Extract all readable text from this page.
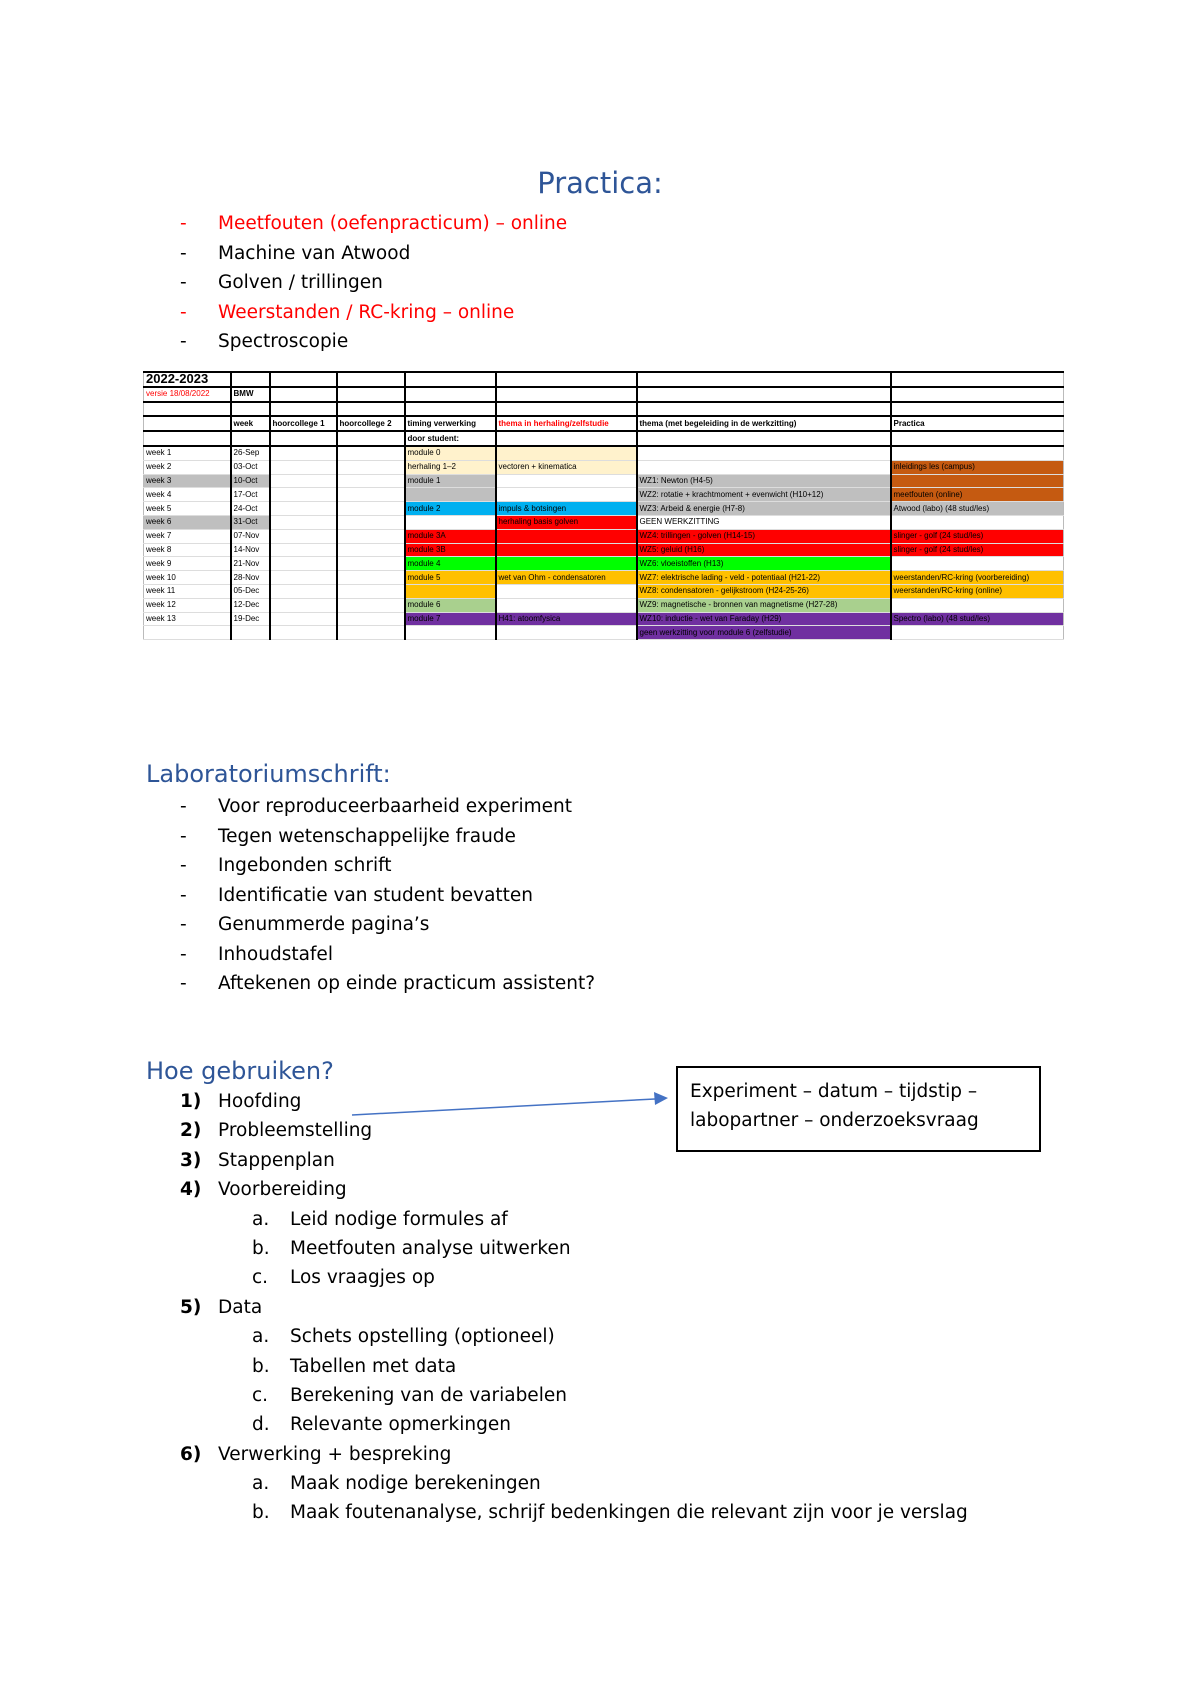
Practica:
- Meetfouten (oefenpracticum) – online
- Machine van Atwood
- Golven / trillingen
- Weerstanden / RC-kring – online
- Spectroscopie
2022-2023							
versie 18/08/2022	BMW						

	week	hoorcollege 1	hoorcollege 2	timing verwerking	thema in herhaling/zelfstudie	thema (met begeleiding in de werkzitting)	Practica
				door student:			
week 1	26-Sep			module 0			
week 2	03-Oct			herhaling 1–2	vectoren + kinematica		inleidings les (campus)
week 3	10-Oct			module 1		WZ1: Newton (H4-5)	
week 4	17-Oct					WZ2: rotatie + krachtmoment + evenwicht (H10+12)	meetfouten (online)
week 5	24-Oct			module 2	impuls & botsingen	WZ3: Arbeid & energie (H7-8)	Atwood (labo) (48 stud/les)
week 6	31-Oct				herhaling basis golven	GEEN WERKZITTING	
week 7	07-Nov			module 3A		WZ4: trillingen - golven (H14-15)	slinger - golf (24 stud/les)
week 8	14-Nov			module 3B		WZ5: geluid (H16)	slinger - golf (24 stud/les)
week 9	21-Nov			module 4		WZ6: vloeistoffen (H13)	
week 10	28-Nov			module 5	wet van Ohm - condensatoren	WZ7: elektrische lading - veld - potentiaal (H21-22)	weerstanden/RC-kring (voorbereiding)
week 11	05-Dec					WZ8: condensatoren - gelijkstroom (H24-25-26)	weerstanden/RC-kring (online)
week 12	12-Dec			module 6		WZ9: magnetische - bronnen van magnetisme (H27-28)	
week 13	19-Dec			module 7	H41: atoomfysica	WZ10: inductie - wet van Faraday (H29)	Spectro (labo) (48 stud/les)
						geen werkzitting voor module 6 (zelfstudie)	
Laboratoriumschrift:
- Voor reproduceerbaarheid experiment
- Tegen wetenschappelijke fraude
- Ingebonden schrift
- Identificatie van student bevatten
- Genummerde pagina’s
- Inhoudstafel
- Aftekenen op einde practicum assistent?
Hoe gebruiken?
1) Hoofding
2) Probleemstelling
3) Stappenplan
4) Voorbereiding
a. Leid nodige formules af
b. Meetfouten analyse uitwerken
c. Los vraagjes op
5) Data
a. Schets opstelling (optioneel)
b. Tabellen met data
c. Berekening van de variabelen
d. Relevante opmerkingen
6) Verwerking + bespreking
a. Maak nodige berekeningen
b. Maak foutenanalyse, schrijf bedenkingen die relevant zijn voor je verslag
Experiment – datum – tijdstip –
labopartner – onderzoeksvraag
